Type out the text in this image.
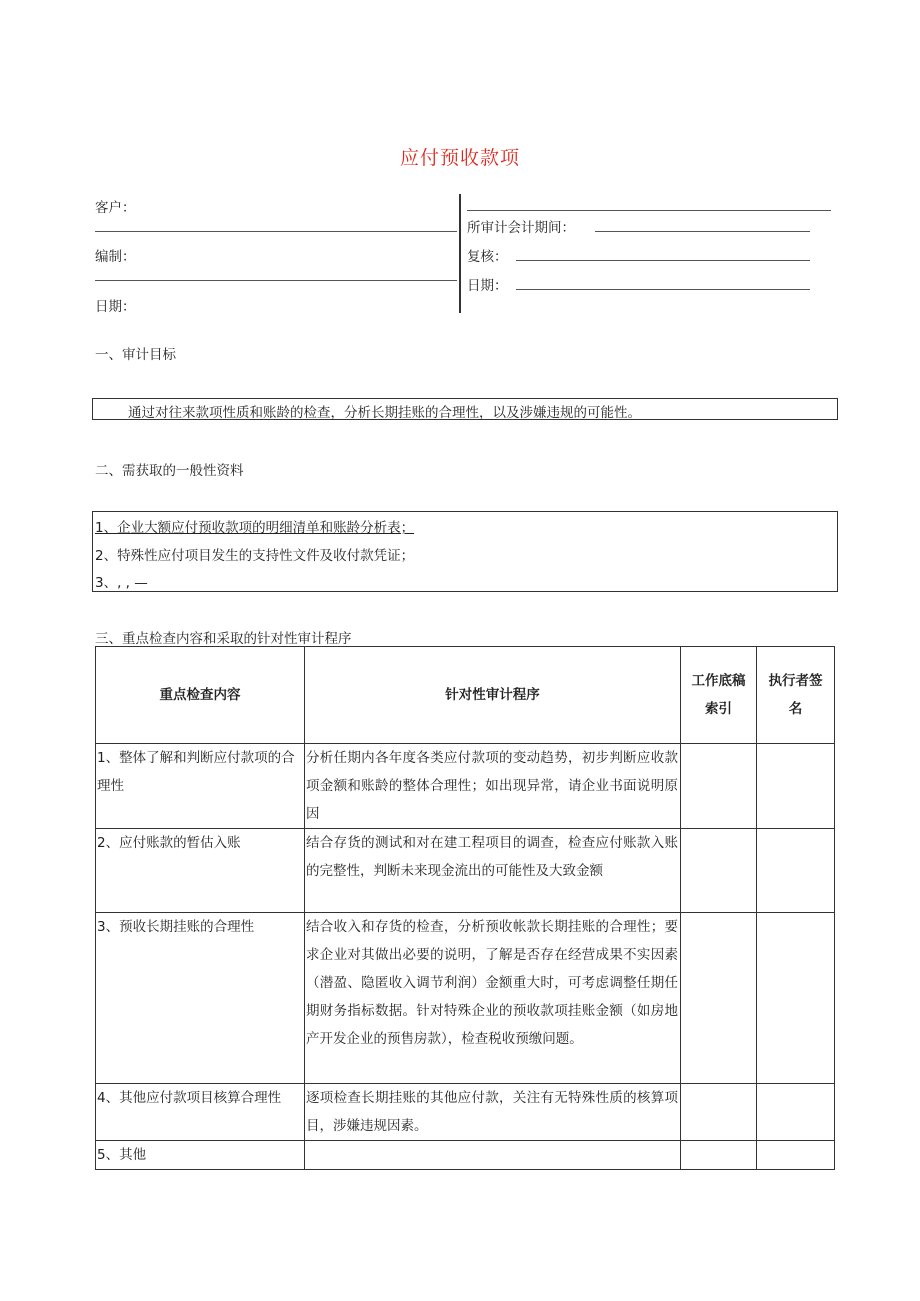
应付预收款项
客户：
编制：
日期：
所审计会计期间：
复核：
日期：
一、审计目标
通过对往来款项性质和账龄的检查，分析长期挂账的合理性，以及涉嫌违规的可能性。
二、需获取的一般性资料
1、企业大额应付预收款项的明细清单和账龄分析表；
2、特殊性应付项目发生的支持性文件及收付款凭证；
3、, , —
三、重点检查内容和采取的针对性审计程序
重点检查内容	针对性审计程序	工作底稿索引	执行者签名
1、整体了解和判断应付款项的合理性	分析任期内各年度各类应付款项的变动趋势，初步判断应收款项金额和账龄的整体合理性；如出现异常，请企业书面说明原因		
2、应付账款的暂估入账	结合存货的测试和对在建工程项目的调查，检查应付账款入账的完整性，判断未来现金流出的可能性及大致金额		
3、预收长期挂账的合理性	结合收入和存货的检查，分析预收帐款长期挂账的合理性；要求企业对其做出必要的说明，了解是否存在经营成果不实因素（潜盈、隐匿收入调节利润）金额重大时，可考虑调整任期任期财务指标数据。针对特殊企业的预收款项挂账金额（如房地产开发企业的预售房款），检查税收预缴问题。		
4、其他应付款项目核算合理性	逐项检查长期挂账的其他应付款，关注有无特殊性质的核算项目，涉嫌违规因素。		
5、其他			
